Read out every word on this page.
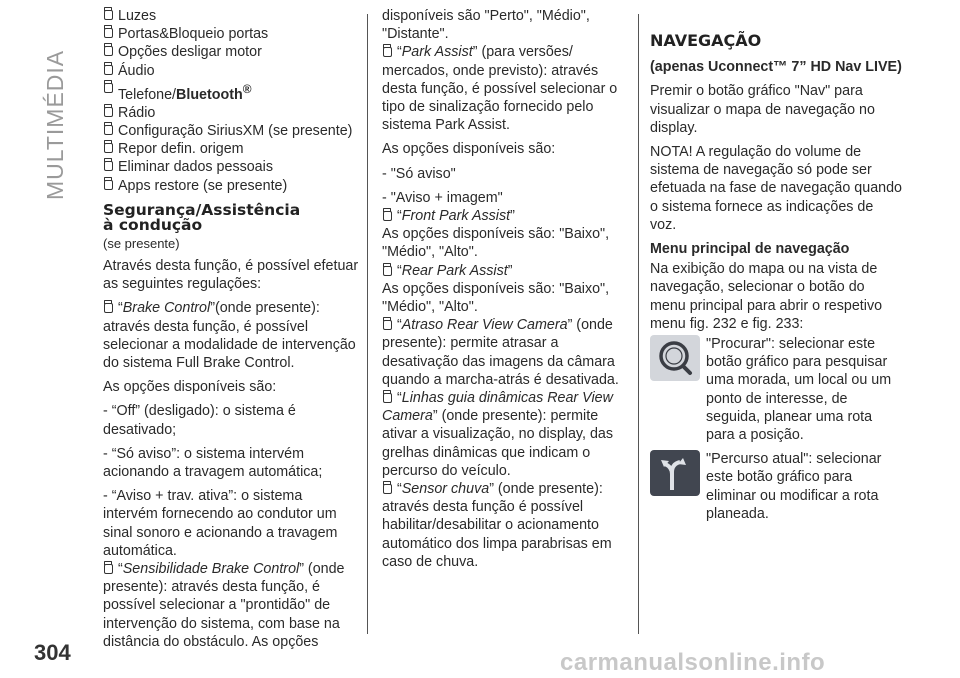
MULTIMÉDIA
Luzes
Portas&Bloqueio portas
Opções desligar motor
Áudio
Telefone/Bluetooth®
Rádio
Configuração SiriusXM (se presente)
Repor defin. origem
Eliminar dados pessoais
Apps restore (se presente)
Segurança/Assistência
à condução
(se presente)

Através desta função, é possível efetuar as seguintes regulações:

“Brake Control”(onde presente):

através desta função, é possível selecionar a modalidade de intervenção do sistema Full Brake Control.

As opções disponíveis são:

- “Off” (desligado): o sistema é desativado;

- “Só aviso”: o sistema intervém acionando a travagem automática;

- “Aviso + trav. ativa”: o sistema intervém fornecendo ao condutor um sinal sonoro e acionando a travagem automática.

“Sensibilidade Brake Control” (onde presente): através desta função, é possível selecionar a "prontidão" de intervenção do sistema, com base na distância do obstáculo. As opções

disponíveis são "Perto", "Médio", "Distante".

“Park Assist” (para versões/

mercados, onde previsto): através desta função, é possível selecionar o tipo de sinalização fornecido pelo sistema Park Assist.

As opções disponíveis são:

- "Só aviso"

- "Aviso + imagem"

“Front Park Assist”

As opções disponíveis são: "Baixo", "Médio", "Alto".

“Rear Park Assist”

As opções disponíveis são: "Baixo", "Médio", "Alto".

“Atraso Rear View Camera” (onde

presente): permite atrasar a desativação das imagens da câmara quando a marcha-atrás é desativada.

“Linhas guia dinâmicas Rear View
Camera” (onde presente): permite ativar a visualização, no display, das grelhas dinâmicas que indicam o percurso do veículo.
“Sensor chuva” (onde presente):

através desta função é possível habilitar/desabilitar o acionamento automático dos limpa parabrisas em caso de chuva.

NAVEGAÇÃO

(apenas Uconnect™ 7” HD Nav LIVE)

Premir o botão gráfico "Nav" para visualizar o mapa de navegação no display.

NOTA! A regulação do volume de sistema de navegação só pode ser efetuada na fase de navegação quando o sistema fornece as indicações de voz.

Menu principal de navegação

Na exibição do mapa ou na vista de navegação, selecionar o botão do menu principal para abrir o respetivo menu fig. 232 e fig. 233:

"Procurar": selecionar este botão gráfico para pesquisar uma morada, um local ou um ponto de interesse, de seguida, planear uma rota para a posição.
"Percurso atual": selecionar este botão gráfico para eliminar ou modificar a rota planeada.
304	carmanualsonline.info
